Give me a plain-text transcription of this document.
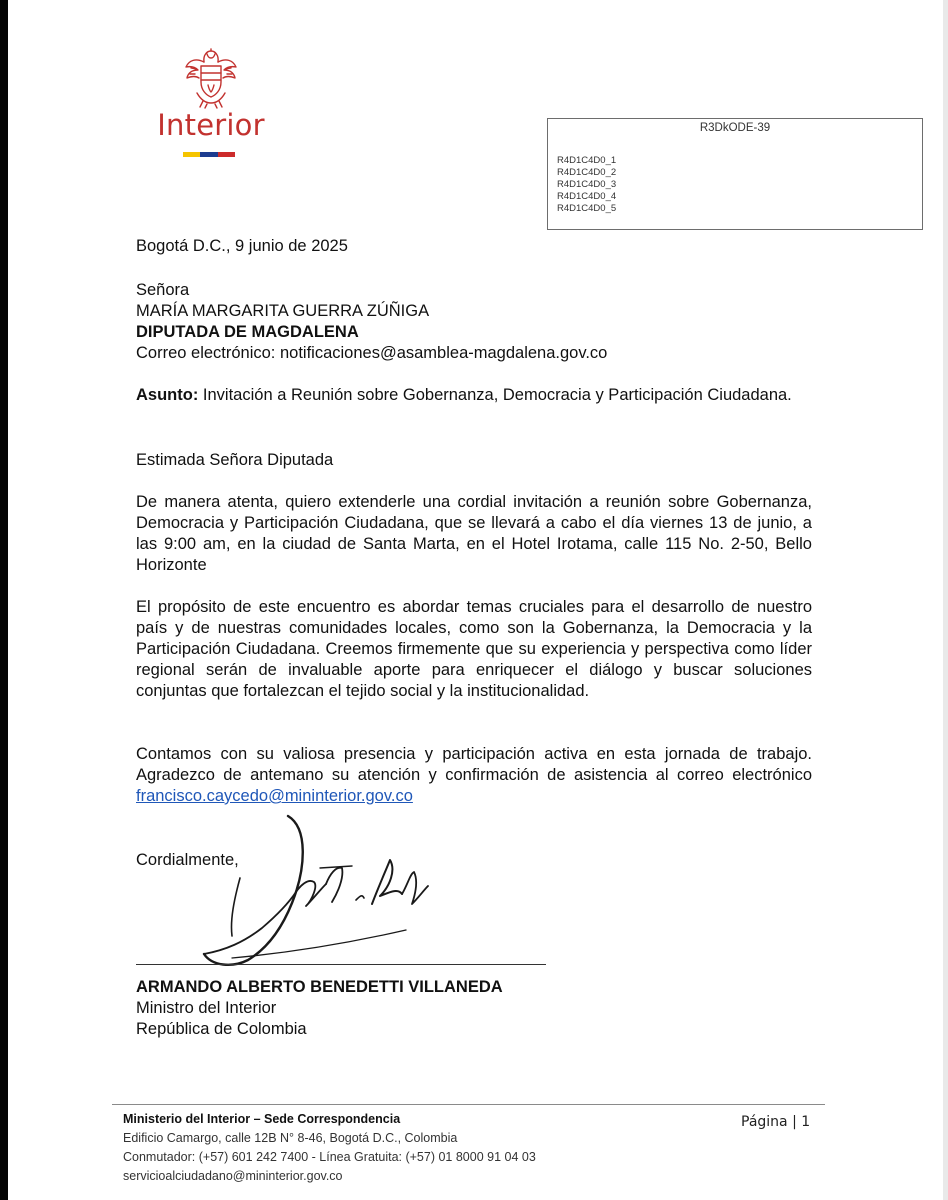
Interior	R3DkODE-39
R4D1C4D0_1
R4D1C4D0_2
R4D1C4D0_3
R4D1C4D0_4
R4D1C4D0_5
Bogotá D.C., 9 junio de 2025
Señora
MARÍA MARGARITA GUERRA ZÚÑIGA
DIPUTADA DE MAGDALENA
Correo electrónico: notificaciones@asamblea-magdalena.gov.co
Asunto: Invitación a Reunión sobre Gobernanza, Democracia y Participación Ciudadana.
Estimada Señora Diputada
De manera atenta, quiero extenderle una cordial invitación a reunión sobre Gobernanza, Democracia y Participación Ciudadana, que se llevará a cabo el día viernes 13 de junio, a las 9:00 am, en la ciudad de Santa Marta, en el Hotel Irotama, calle 115 No. 2-50, Bello Horizonte
El propósito de este encuentro es abordar temas cruciales para el desarrollo de nuestro país y de nuestras comunidades locales, como son la Gobernanza, la Democracia y la Participación Ciudadana. Creemos firmemente que su experiencia y perspectiva como líder regional serán de invaluable aporte para enriquecer el diálogo y buscar soluciones conjuntas que fortalezcan el tejido social y la institucionalidad.
Contamos con su valiosa presencia y participación activa en esta jornada de trabajo. Agradezco de antemano su atención y confirmación de asistencia al correo electrónico francisco.caycedo@mininterior.gov.co
Cordialmente,
ARMANDO ALBERTO BENEDETTI VILLANEDA
Ministro del Interior
República de Colombia
Ministerio del Interior – Sede Correspondencia
Edificio Camargo, calle 12B N° 8-46, Bogotá D.C., Colombia
Conmutador: (+57) 601 242 7400 - Línea Gratuita: (+57) 01 8000 91 04 03
servicioalciudadano@mininterior.gov.co
Página | 1
